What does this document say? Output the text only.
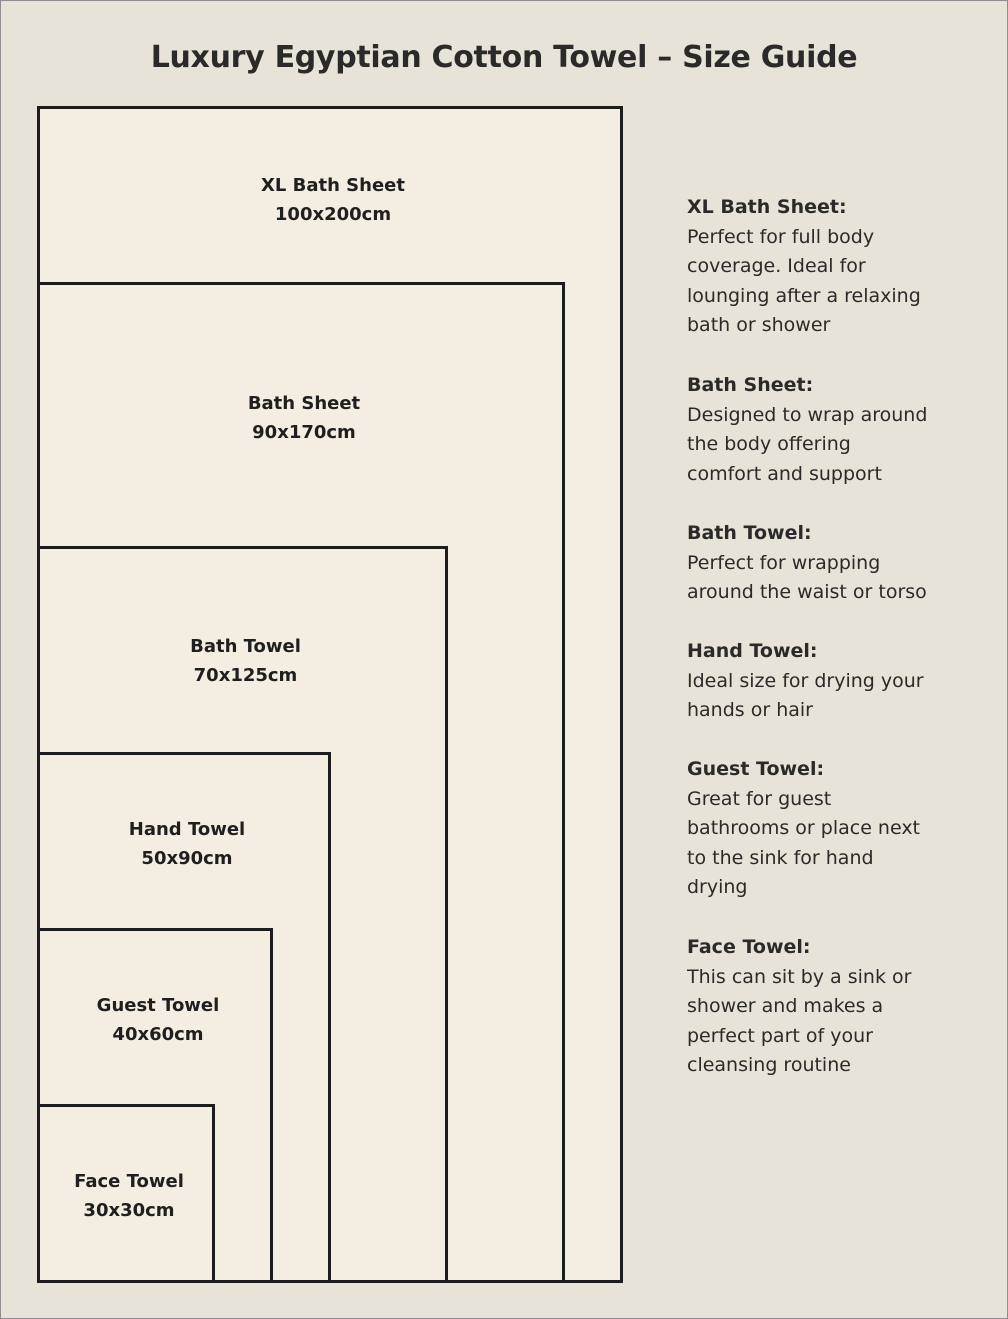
Luxury Egyptian Cotton Towel – Size Guide
XL Bath Sheet
100x200cm
Bath Sheet
90x170cm
Bath Towel
70x125cm
Hand Towel
50x90cm
Guest Towel
40x60cm
Face Towel
30x30cm
XL Bath Sheet:
Perfect for full body
coverage. Ideal for
lounging after a relaxing
bath or shower
Bath Sheet:
Designed to wrap around
the body offering
comfort and support
Bath Towel:
Perfect for wrapping
around the waist or torso
Hand Towel:
Ideal size for drying your
hands or hair
Guest Towel:
Great for guest
bathrooms or place next
to the sink for hand
drying
Face Towel:
This can sit by a sink or
shower and makes a
perfect part of your
cleansing routine
